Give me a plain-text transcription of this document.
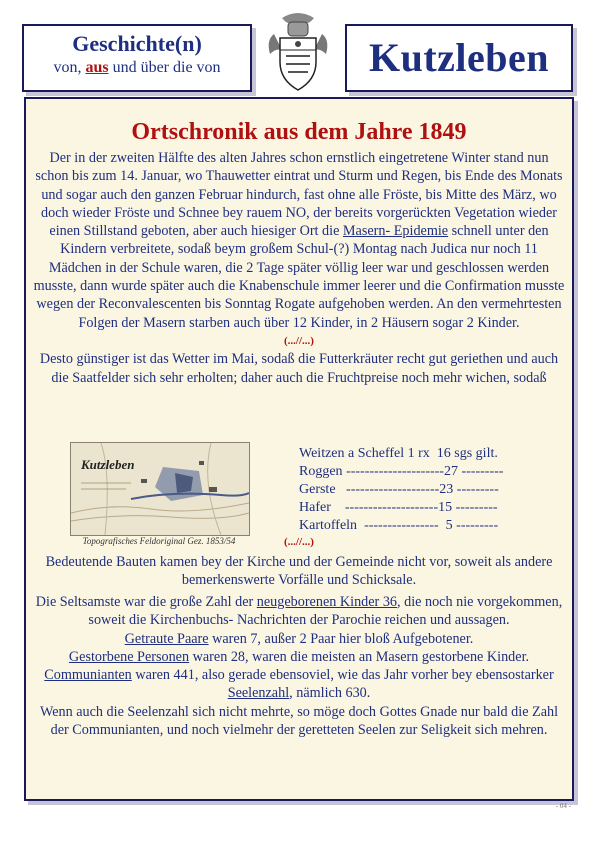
Geschichte(n)
von, aus und über die von	Kutzleben
Ortschronik aus dem Jahre 1849

Der in der zweiten Hälfte des alten Jahres schon ernstlich eingetretene Winter stand nun schon bis zum 14. Januar, wo Thauwetter eintrat und Sturm und Regen, bis Ende des Monats und sogar auch den ganzen Februar hindurch, fast ohne alle Fröste, bis Mitte des März, wo doch wieder Fröste und Schnee bey rauem NO, der bereits vorgerückten Vegetation wieder einen Stillstand geboten, aber auch hiesiger Ort die Masern- Epidemie schnell unter den Kindern verbreitete, sodaß beym großem Schul-(?) Montag nach Judica nur noch 11 Mädchen in der Schule waren, die 2 Tage später völlig leer war und geschlossen werden musste, dann wurde später auch die Knabenschule immer leerer und die Confirmation musste wegen der Reconvalescenten bis Sonntag Rogate aufgehoben werden. An den vermehrtesten Folgen der Masern starben auch über 12 Kinder, in 2 Häusern sogar 2 Kinder.

(...//...)

Desto günstiger ist das Wetter im Mai, sodaß die Futterkräuter recht gut geriethen und auch die Saatfelder sich sehr erholten; daher auch die Fruchtpreise noch mehr wichen, sodaß

Kutzleben
Topografisches Feldoriginal Gez. 1853/54
Weitzen a Scheffel 1 rx  16 sgs gilt.
Roggen ---------------------27 ---------
Gerste --------------------23 ---------
Hafer --------------------15 ---------
Kartoffeln ----------------  5 ---------
(...//...)

Bedeutende Bauten kamen bey der Kirche und der Gemeinde nicht vor, soweit als andere bemerkenswerte Vorfälle und Schicksale.

Die Seltsamste war die große Zahl der neugeborenen Kinder 36, die noch nie vorgekommen, soweit die Kirchenbuchs- Nachrichten der Parochie reichen und aussagen.

Getraute Paare waren 7, außer 2 Paar hier bloß Aufgebotener.

Gestorbene Personen waren 28, waren die meisten an Masern gestorbene Kinder.

Communianten waren 441, also gerade ebensoviel, wie das Jahr vorher bey ebensostarker Seelenzahl, nämlich 630.

Wenn auch die Seelenzahl sich nicht mehrte, so möge doch Gottes Gnade nur bald die Zahl der Communianten, und noch vielmehr der geretteten Seelen zur Seligkeit sich mehren.

- 04 -
